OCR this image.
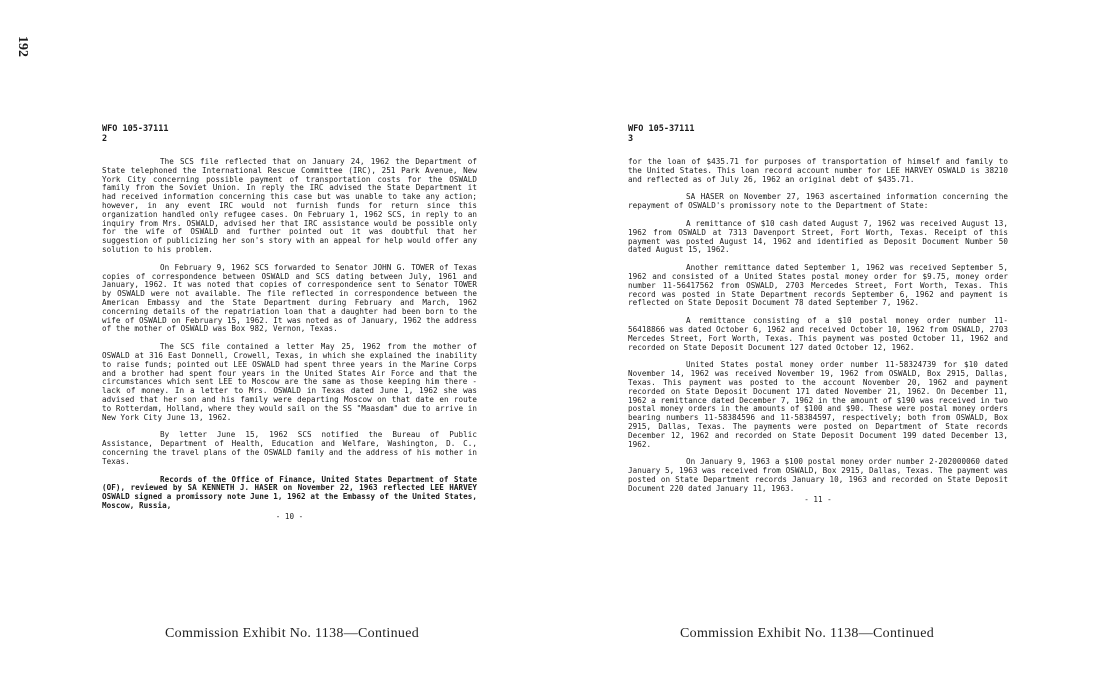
192
WFO 105-37111
2

The SCS file reflected that on January 24, 1962 the Department of State telephoned the International Rescue Committee (IRC), 251 Park Avenue, New York City concerning possible payment of transportation costs for the OSWALD family from the Soviet Union. In reply the IRC advised the State Department it had received information concerning this case but was unable to take any action; however, in any event IRC would not furnish funds for return since this organization handled only refugee cases. On February 1, 1962 SCS, in reply to an inquiry from Mrs. OSWALD, advised her that IRC assistance would be possible only for the wife of OSWALD and further pointed out it was doubtful that her suggestion of publicizing her son's story with an appeal for help would offer any solution to his problem.

On February 9, 1962 SCS forwarded to Senator JOHN G. TOWER of Texas copies of correspondence between OSWALD and SCS dating between July, 1961 and January, 1962. It was noted that copies of correspondence sent to Senator TOWER by OSWALD were not available. The file reflected in correspondence between the American Embassy and the State Department during February and March, 1962 concerning details of the repatriation loan that a daughter had been born to the wife of OSWALD on February 15, 1962. It was noted as of January, 1962 the address of the mother of OSWALD was Box 982, Vernon, Texas.

The SCS file contained a letter May 25, 1962 from the mother of OSWALD at 316 East Donnell, Crowell, Texas, in which she explained the inability to raise funds; pointed out LEE OSWALD had spent three years in the Marine Corps and a brother had spent four years in the United States Air Force and that the circumstances which sent LEE to Moscow are the same as those keeping him there - lack of money. In a letter to Mrs. OSWALD in Texas dated June 1, 1962 she was advised that her son and his family were departing Moscow on that date en route to Rotterdam, Holland, where they would sail on the SS "Maasdam" due to arrive in New York City June 13, 1962.

By letter June 15, 1962 SCS notified the Bureau of Public Assistance, Department of Health, Education and Welfare, Washington, D. C., concerning the travel plans of the OSWALD family and the address of his mother in Texas.

Records of the Office of Finance, United States Department of State (OF), reviewed by SA KENNETH J. HASER on November 22, 1963 reflected LEE HARVEY OSWALD signed a promissory note June 1, 1962 at the Embassy of the United States, Moscow, Russia,

- 10 -
WFO 105-37111
3

for the loan of $435.71 for purposes of transportation of himself and family to the United States. This loan record account number for LEE HARVEY OSWALD is 38210 and reflected as of July 26, 1962 an original debt of $435.71.

SA HASER on November 27, 1963 ascertained information concerning the repayment of OSWALD's promissory note to the Department of State:

A remittance of $10 cash dated August 7, 1962 was received August 13, 1962 from OSWALD at 7313 Davenport Street, Fort Worth, Texas. Receipt of this payment was posted August 14, 1962 and identified as Deposit Document Number 50 dated August 15, 1962.

Another remittance dated September 1, 1962 was received September 5, 1962 and consisted of a United States postal money order for $9.75, money order number 11-56417562 from OSWALD, 2703 Mercedes Street, Fort Worth, Texas. This record was posted in State Department records September 6, 1962 and payment is reflected on State Deposit Document 78 dated September 7, 1962.

A remittance consisting of a $10 postal money order number 11-56418866 was dated October 6, 1962 and received October 10, 1962 from OSWALD, 2703 Mercedes Street, Fort Worth, Texas. This payment was posted October 11, 1962 and recorded on State Deposit Document 127 dated October 12, 1962.

United States postal money order number 11-58324739 for $10 dated November 14, 1962 was received November 19, 1962 from OSWALD, Box 2915, Dallas, Texas. This payment was posted to the account November 20, 1962 and payment recorded on State Deposit Document 171 dated November 21, 1962. On December 11, 1962 a remittance dated December 7, 1962 in the amount of $190 was received in two postal money orders in the amounts of $100 and $90. These were postal money orders bearing numbers 11-58384596 and 11-58384597, respectively; both from OSWALD, Box 2915, Dallas, Texas. The payments were posted on Department of State records December 12, 1962 and recorded on State Deposit Document 199 dated December 13, 1962.

On January 9, 1963 a $100 postal money order number 2-202000060 dated January 5, 1963 was received from OSWALD, Box 2915, Dallas, Texas. The payment was posted on State Department records January 10, 1963 and recorded on State Deposit Document 220 dated January 11, 1963.

- 11 -
Commission Exhibit No. 1138—Continued	Commission Exhibit No. 1138—Continued
